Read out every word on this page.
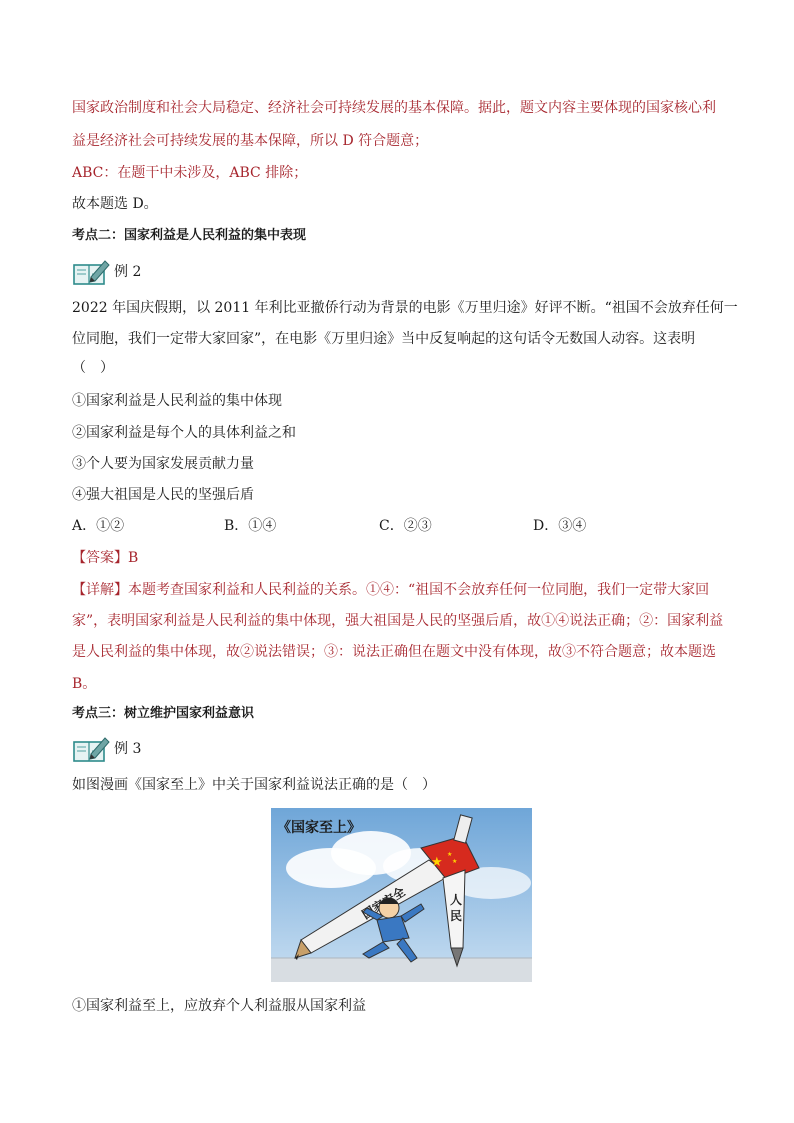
国家政治制度和社会大局稳定、经济社会可持续发展的基本保障。据此，题文内容主要体现的国家核心利
益是经济社会可持续发展的基本保障，所以 D 符合题意；
ABC：在题干中未涉及，ABC 排除；
故本题选 D。
考点二：国家利益是人民利益的集中表现
例 2
2022 年国庆假期，以 2011 年利比亚撤侨行动为背景的电影《万里归途》好评不断。“祖国不会放弃任何一
位同胞，我们一定带大家回家”，在电影《万里归途》当中反复响起的这句话令无数国人动容。这表明
（　）
①国家利益是人民利益的集中体现
②国家利益是每个人的具体利益之和
③个人要为国家发展贡献力量
④强大祖国是人民的坚强后盾
A．①②	B．①④	C．②③	D．③④
【答案】B
【详解】本题考查国家利益和人民利益的关系。①④：“祖国不会放弃任何一位同胞，我们一定带大家回
家”，表明国家利益是人民利益的集中体现，强大祖国是人民的坚强后盾，故①④说法正确；②：国家利益
是人民利益的集中体现，故②说法错误；③：说法正确但在题文中没有体现，故③不符合题意；故本题选
B。
考点三：树立维护国家利益意识
例 3
如图漫画《国家至上》中关于国家利益说法正确的是（　）
《国家至上》
★
★
★
人
民
①国家利益至上，应放弃个人利益服从国家利益
